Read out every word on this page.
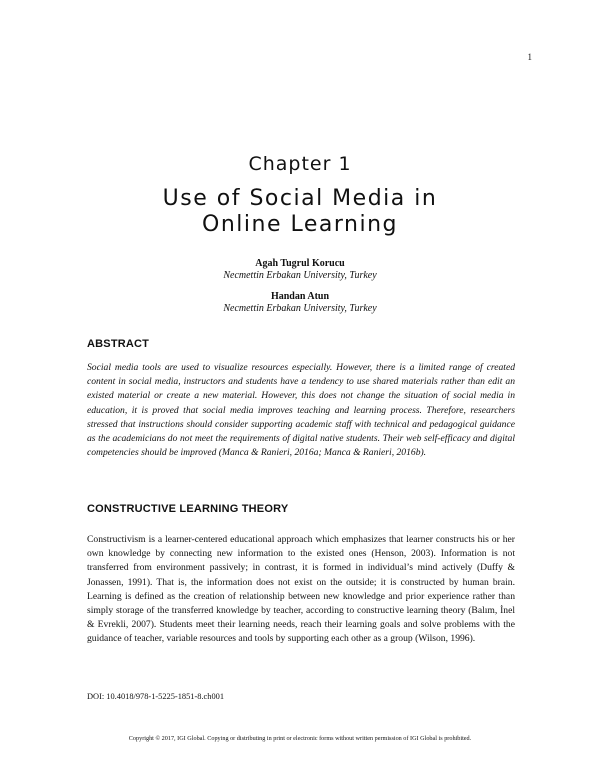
1
Chapter 1
Use of Social Media in
Online Learning
Agah Tugrul Korucu
Necmettin Erbakan University, Turkey
Handan Atun
Necmettin Erbakan University, Turkey
ABSTRACT

Social media tools are used to visualize resources especially. However, there is a limited range of created content in social media, instructors and students have a tendency to use shared materials rather than edit an existed material or create a new material. However, this does not change the situation of social media in education, it is proved that social media improves teaching and learning process. Therefore, researchers stressed that instructions should consider supporting academic staff with technical and pedagogical guidance as the academicians do not meet the requirements of digital native students. Their web self-efficacy and digital competencies should be improved (Manca & Ranieri, 2016a; Manca & Ranieri, 2016b).

CONSTRUCTIVE LEARNING THEORY

Constructivism is a learner-centered educational approach which emphasizes that learner constructs his or her own knowledge by connecting new information to the existed ones (Henson, 2003). Information is not transferred from environment passively; in contrast, it is formed in individual’s mind actively (Duffy & Jonassen, 1991). That is, the information does not exist on the outside; it is constructed by human brain. Learning is defined as the creation of relationship between new knowledge and prior experience rather than simply storage of the transferred knowledge by teacher, according to constructive learning theory (Balım, İnel & Evrekli, 2007). Students meet their learning needs, reach their learning goals and solve problems with the guidance of teacher, variable resources and tools by supporting each other as a group (Wilson, 1996).

DOI: 10.4018/978-1-5225-1851-8.ch001
Copyright © 2017, IGI Global. Copying or distributing in print or electronic forms without written permission of IGI Global is prohibited.
